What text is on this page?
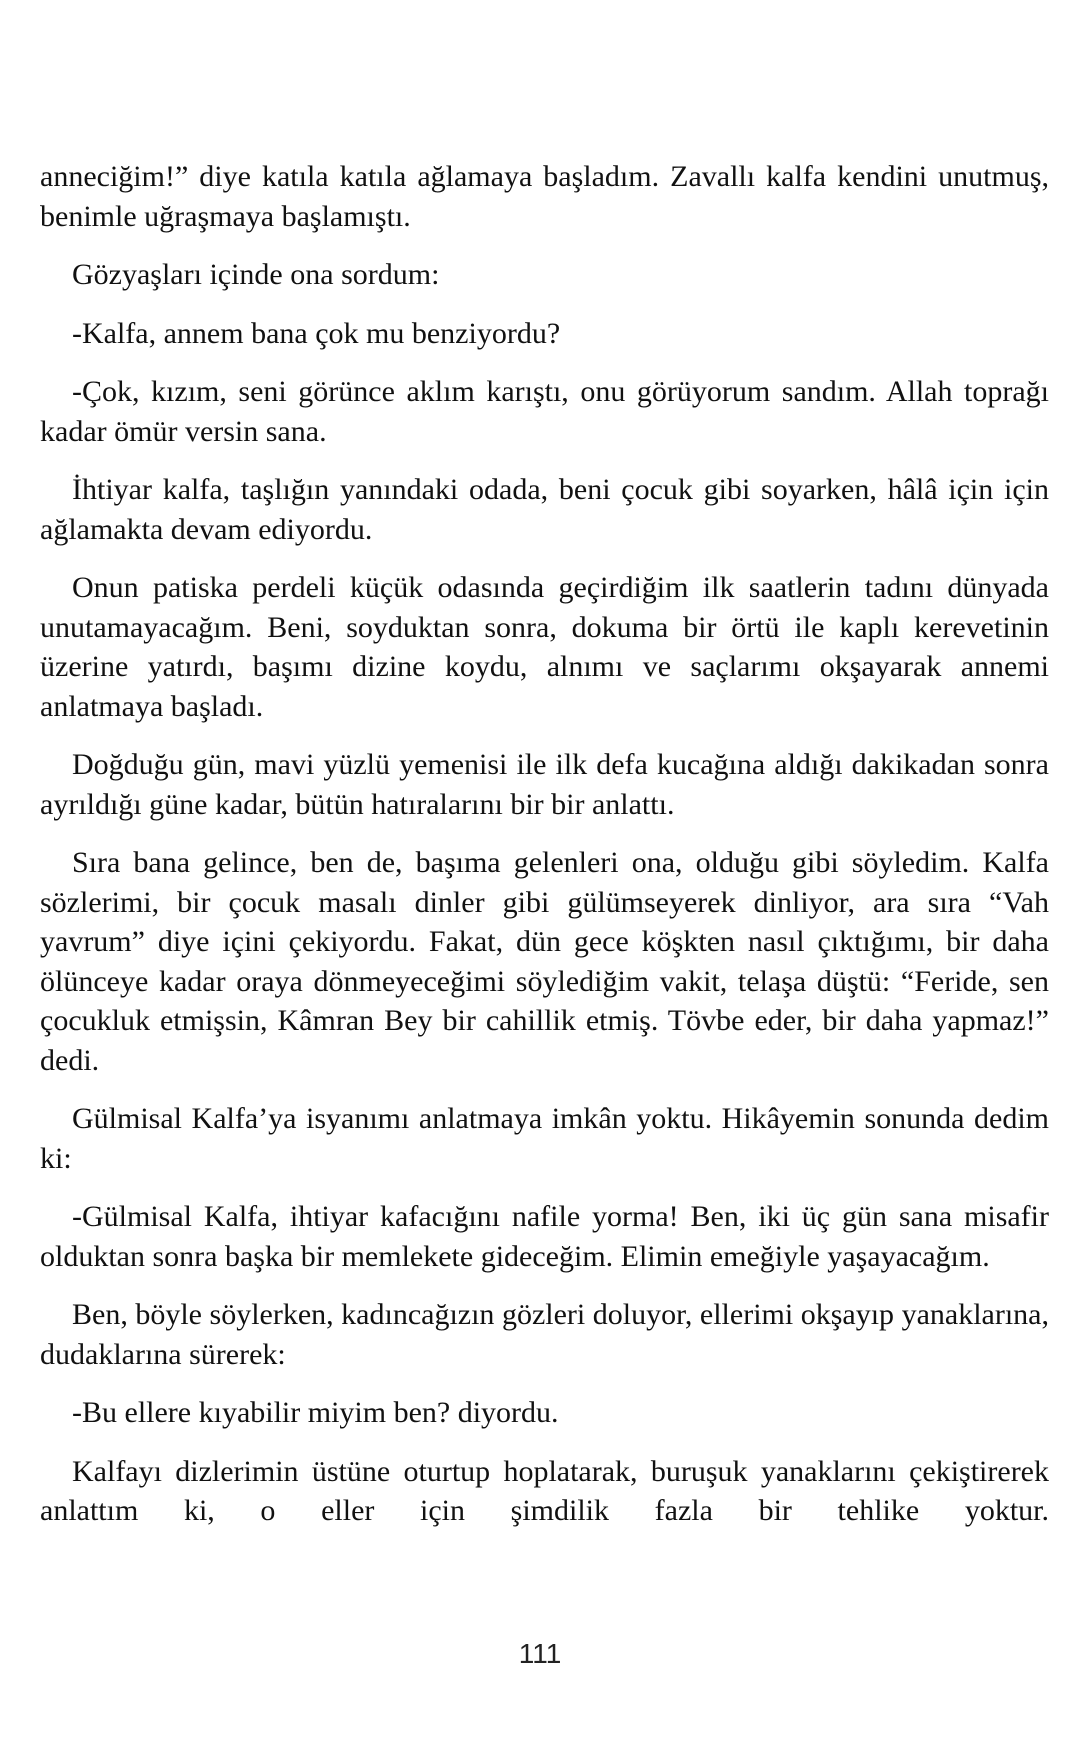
anneciğim!” diye katıla katıla ağlamaya başladım. Zavallı kalfa kendini unutmuş, benimle uğraşmaya başlamıştı.

Gözyaşları içinde ona sordum:

-Kalfa, annem bana çok mu benziyordu?

-Çok, kızım, seni görünce aklım karıştı, onu görüyorum sandım. Allah toprağı kadar ömür versin sana.

İhtiyar kalfa, taşlığın yanındaki odada, beni çocuk gibi soyarken, hâlâ için için ağlamakta devam ediyordu.

Onun patiska perdeli küçük odasında geçirdiğim ilk saatlerin tadını dünyada unutamayacağım. Beni, soyduktan sonra, dokuma bir örtü ile kaplı kerevetinin üzerine yatırdı, başımı dizine koydu, alnımı ve saçlarımı okşayarak annemi anlatmaya başladı.

Doğduğu gün, mavi yüzlü yemenisi ile ilk defa kucağına aldığı dakikadan sonra ayrıldığı güne kadar, bütün hatıralarını bir bir anlattı.

Sıra bana gelince, ben de, başıma gelenleri ona, olduğu gibi söyledim. Kalfa sözlerimi, bir çocuk masalı dinler gibi gülümseyerek dinliyor, ara sıra “Vah yavrum” diye içini çekiyordu. Fakat, dün gece köşkten nasıl çıktığımı, bir daha ölünceye kadar oraya dönmeyeceğimi söylediğim vakit, telaşa düştü: “Feride, sen çocukluk etmişsin, Kâmran Bey bir cahillik etmiş. Tövbe eder, bir daha yapmaz!” dedi.

Gülmisal Kalfa’ya isyanımı anlatmaya imkân yoktu. Hikâyemin sonunda dedim ki:

-Gülmisal Kalfa, ihtiyar kafacığını nafile yorma! Ben, iki üç gün sana misafir olduktan sonra başka bir memlekete gideceğim. Elimin emeğiyle yaşayacağım.

Ben, böyle söylerken, kadıncağızın gözleri doluyor, ellerimi okşayıp yanaklarına, dudaklarına sürerek:

-Bu ellere kıyabilir miyim ben? diyordu.

Kalfayı dizlerimin üstüne oturtup hoplatarak, buruşuk yanaklarını çekiştirerek anlattım ki, o eller için şimdilik fazla bir tehlike yoktur.

111
